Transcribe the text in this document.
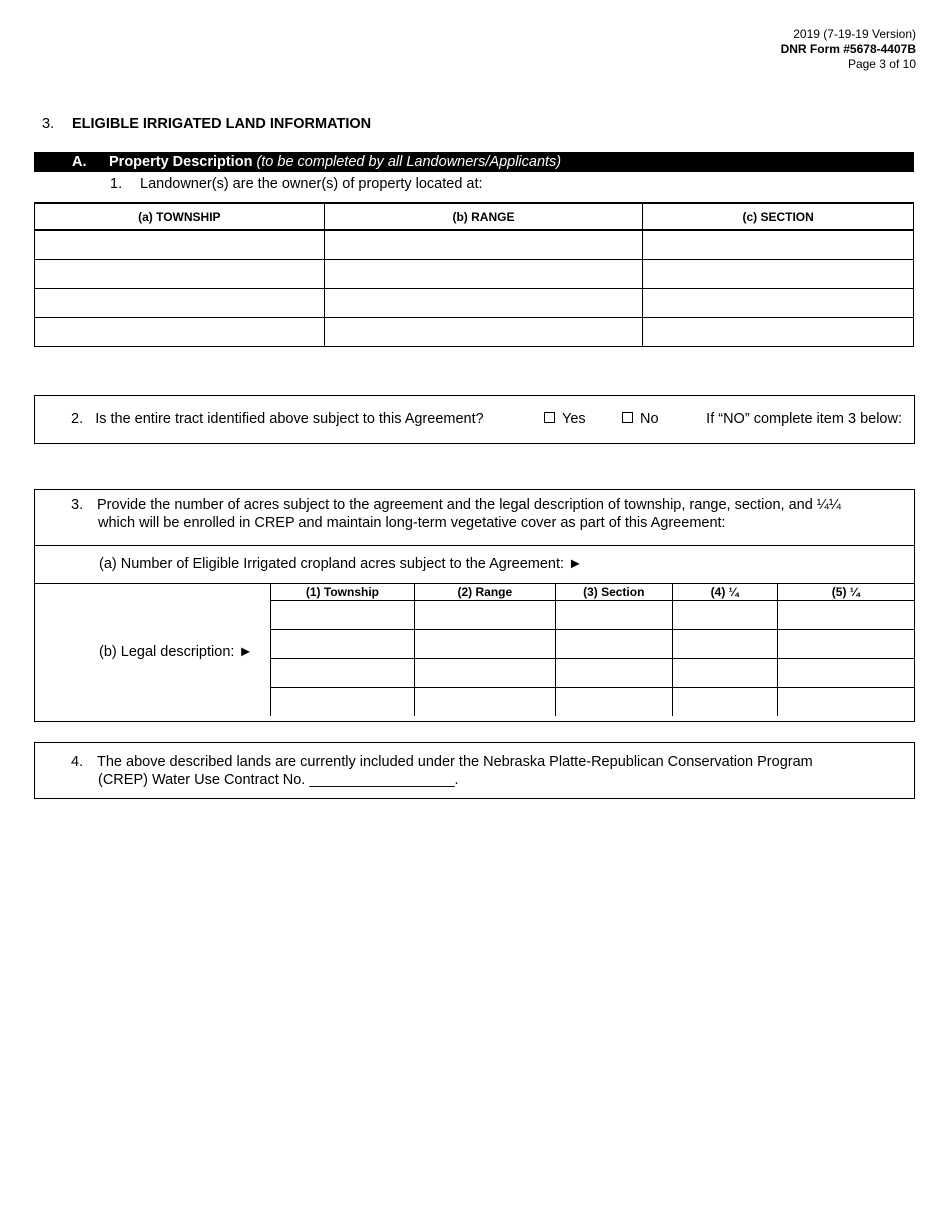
2019 (7-19-19 Version)
DNR Form #5678-4407B
Page 3 of 10
3. ELIGIBLE IRRIGATED LAND INFORMATION
A. Property Description (to be completed by all Landowners/Applicants)
1. Landowner(s) are the owner(s) of property located at:
(a) TOWNSHIP	(b) RANGE	(c) SECTION

2. Is the entire tract identified above subject to this Agreement?	Yes	No	If “NO” complete item 3 below:
3. Provide the number of acres subject to the agreement and the legal description of township, range, section, and ¼¼
which will be enrolled in CREP and maintain long-term vegetative cover as part of this Agreement:
(a) Number of Eligible Irrigated cropland acres subject to the Agreement: ►
(b) Legal description: ►
(1) Township	(2) Range	(3) Section	(4) ¼	(5) ¼

4. The above described lands are currently included under the Nebraska Platte-Republican Conservation Program
(CREP) Water Use Contract No. __________________.
